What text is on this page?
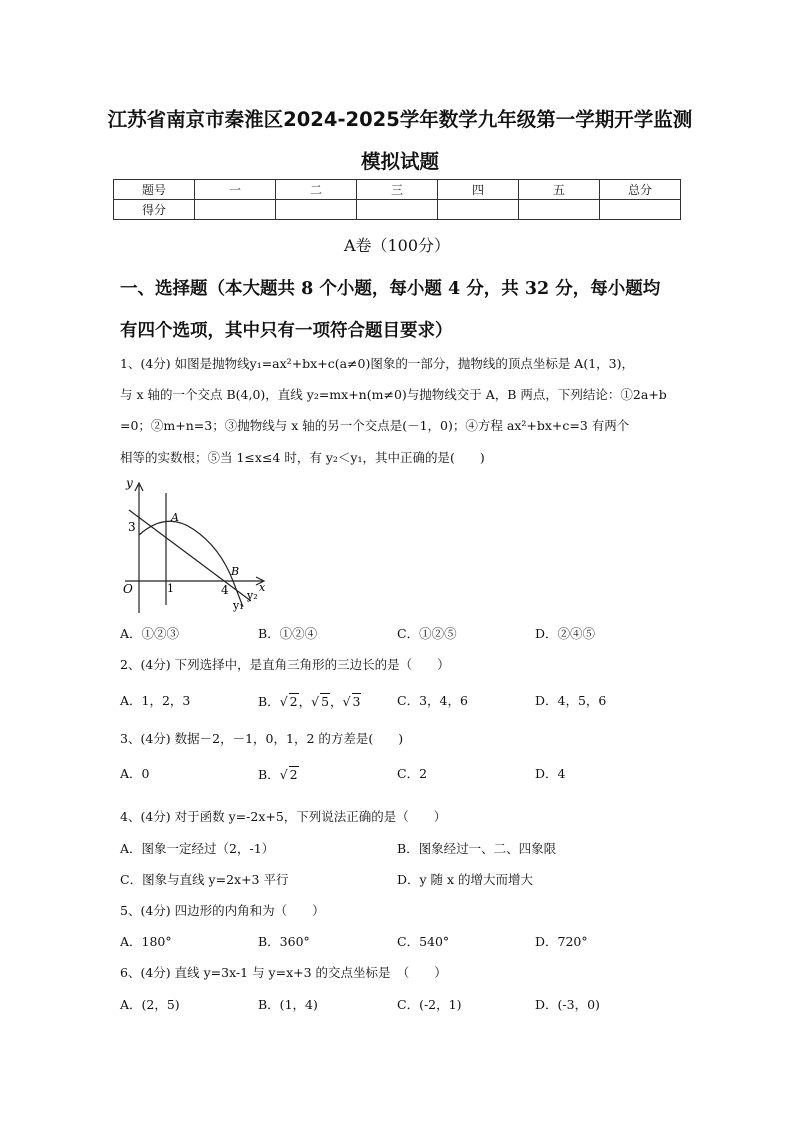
江苏省南京市秦淮区2024-2025学年数学九年级第一学期开学监测
模拟试题
题号	一	二	三	四	五	总分
得分						
A卷（100分）
一、选择题（本大题共 8 个小题，每小题 4 分，共 32 分，每小题均
有四个选项，其中只有一项符合题目要求）
1、(4分) 如图是抛物线y₁=ax²+bx+c(a≠0)图象的一部分，抛物线的顶点坐标是 A(1，3)，
与 x 轴的一个交点 B(4,0)，直线 y₂=mx+n(m≠0)与抛物线交于 A，B 两点，下列结论：①2a+b
=0；②m+n=3；③抛物线与 x 轴的另一个交点是(－1，0)；④方程 ax²+bx+c=3 有两个
相等的实数根；⑤当 1≤x≤4 时，有 y₂＜y₁，其中正确的是(　　)
y
x
O
3
1	4
A
B
y₂
y₁
A．①②③	B．①②④	C．①②⑤	D．②④⑤
2、(4分) 下列选择中，是直角三角形的三边长的是（　　）
A．1，2，3	B．√ 2，√ 5，√ 3	C．3，4，6	D．4，5，6
3、(4分) 数据－2，－1，0，1，2 的方差是(　　)
A．0	B．√ 2	C．2	D．4
4、(4分) 对于函数 y=-2x+5，下列说法正确的是（　　）
A．图象一定经过（2，-1）	B．图象经过一、二、四象限
C．图象与直线 y=2x+3 平行	D．y 随 x 的增大而增大
5、(4分) 四边形的内角和为（　　）
A．180°	B．360°	C．540°	D．720°
6、(4分) 直线 y=3x-1 与 y=x+3 的交点坐标是　（　　）
A．(2，5)	B．(1，4)	C．(-2，1)	D．(-3，0)
